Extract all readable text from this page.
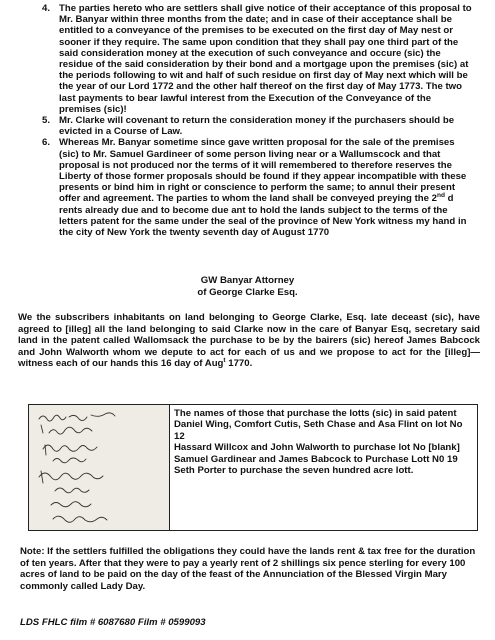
4. The parties hereto who are settlers shall give notice of their acceptance of this proposal to Mr. Banyar within three months from the date; and in case of their acceptance shall be entitled to a conveyance of the premises to be executed on the first day of May nest or sooner if they require. The same upon condition that they shall pay one third part of the said consideration money at the execution of such conveyance and occure (sic) the residue of the said consideration by their bond and a mortgage upon the premises (sic) at the periods following to wit and half of such residue on first day of May next which will be the year of our Lord 1772 and the other half thereof on the first day of May 1773. The two last payments to bear lawful interest from the Execution of the Conveyance of the premises (sic)!
5. Mr. Clarke will covenant to return the consideration money if the purchasers should be evicted in a Course of Law.
6. Whereas Mr. Banyar sometime since gave written proposal for the sale of the premises (sic) to Mr. Samuel Gardineer of some person living near or a Wallumscock and that proposal is not produced nor the terms of it will remembered to therefore reserves the Liberty of those former proposals should be found if they appear incompatible with these presents or bind him in right or conscience to perform the same; to annul their present offer and agreement. The parties to whom the land shall be conveyed preying the 2nd d rents already due and to become due ant to hold the lands subject to the terms of the letters patent for the same under the seal of the province of New York witness my hand in the city of New York the twenty seventh day of August 1770
GW Banyar Attorney
of George Clarke Esq.
We the subscribers inhabitants on land belonging to George Clarke, Esq. late deceast (sic), have agreed to [illeg] all the land belonging to said Clarke now in the care of Banyar Esq, secretary said land in the patent called Wallomsack the purchase to be by the bairers (sic) hereof James Babcock and John Walworth whom we depute to act for each of us and we propose to act for the [illeg]— witness each of our hands this 16 day of Aug$^t$ 1770.
The names of those that purchase the lotts (sic) in said patent
Daniel Wing, Comfort Cutis, Seth Chase and Asa Flint on lot No 12
Hassard Willcox and John Walworth to purchase lot No [blank]
Samuel Gardinear and James Babcock to Purchase Lott N0 19
Seth Porter to purchase the seven hundred acre lott.
Note: If the settlers fulfilled the obligations they could have the lands rent & tax free for the duration of ten years. After that they were to pay a yearly rent of 2 shillings six pence sterling for every 100 acres of land to be paid on the day of the feast of the Annunciation of the Blessed Virgin Mary commonly called Lady Day.
LDS FHLC film # 6087680 Film # 0599093
